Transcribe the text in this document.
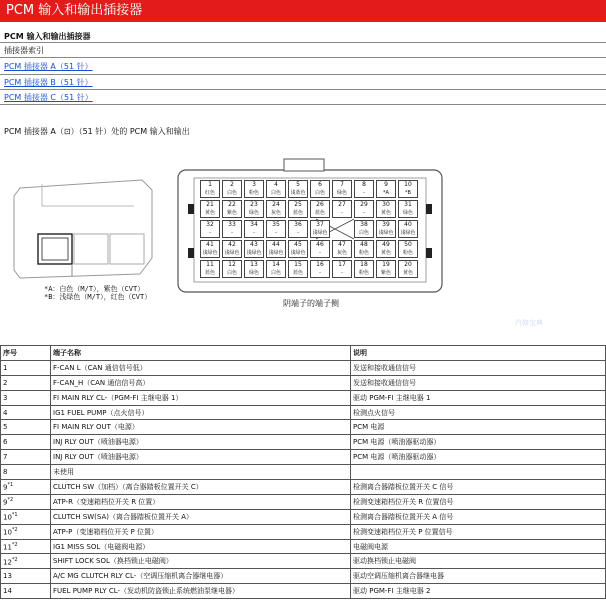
PCM 输入和输出插接器
PCM 输入和输出插接器
插接器索引
PCM 插接器 A（51 针）
PCM 插接器 B（51 针）
PCM 插接器 C（51 针）
PCM 插接器 A（⊡）（51 针）处的 PCM 输入和输出
*A：白色（M/T），紫色（CVT）
*B：浅绿色（M/T），红色（CVT）
1
红色
2
白色
3
粉色
4
白色
5
浅蓝色
6
白色
7
绿色
8
-
9
*A
10
*B
21
黄色
22
紫色
23
绿色
24
灰色
25
蓝色
26
蓝色
27
-
29
-
30
黄色
31
绿色
32
-
33
-
34
-
35
-
36
-
37
浅绿色
38
白色
39
浅绿色
40
浅绿色
41
浅绿色
42
浅绿色
43
浅绿色
44
浅绿色
45
浅绿色
46
-
47
灰色
48
粉色
49
黄色
50
粉色
11
蓝色
12
白色
13
绿色
14
白色
15
蓝色
16
-
17
-
18
粉色
19
紫色
20
黄色
阴端子的端子侧
汽修宝典
序号	端子名称	说明
1	F-CAN L（CAN 通信信号低）	发送和接收通信信号
2	F-CAN_H（CAN 通信信号高）	发送和接收通信信号
3	FI MAIN RLY CL-（PGM-FI 主继电器 1）	驱动 PGM-FI 主继电器 1
4	IG1 FUEL PUMP（点火信号）	检测点火信号
5	FI MAIN RLY OUT（电源）	PCM 电源
6	INJ RLY OUT（喷油器电源）	PCM 电源（喷油器驱动器）
7	INJ RLY OUT（喷油器电源）	PCM 电源（喷油器驱动器）
8	未使用	
9$^{*1}$	CLUTCH SW（加档）（离合器踏板位置开关 C）	检测离合器踏板位置开关 C 信号
9$^{*2}$	ATP-R（变速箱档位开关 R 位置）	检测变速箱档位开关 R 位置信号
10$^{*1}$	CLUTCH SW(SA)（离合器踏板位置开关 A）	检测离合器踏板位置开关 A 信号
10$^{*2}$	ATP-P（变速箱档位开关 P 位置）	检测变速箱档位开关 P 位置信号
11$^{*2}$	IG1 MISS SOL（电磁阀电源）	电磁阀电源
12$^{*2}$	SHIFT LOCK SOL（换档锁止电磁阀）	驱动换档锁止电磁阀
13	A/C MG CLUTCH RLY CL-（空调压缩机离合器继电器）	驱动空调压缩机离合器继电器
14	FUEL PUMP RLY CL-（发动机防盗锁止系统燃油泵继电器）	驱动 PGM-FI 主继电器 2
